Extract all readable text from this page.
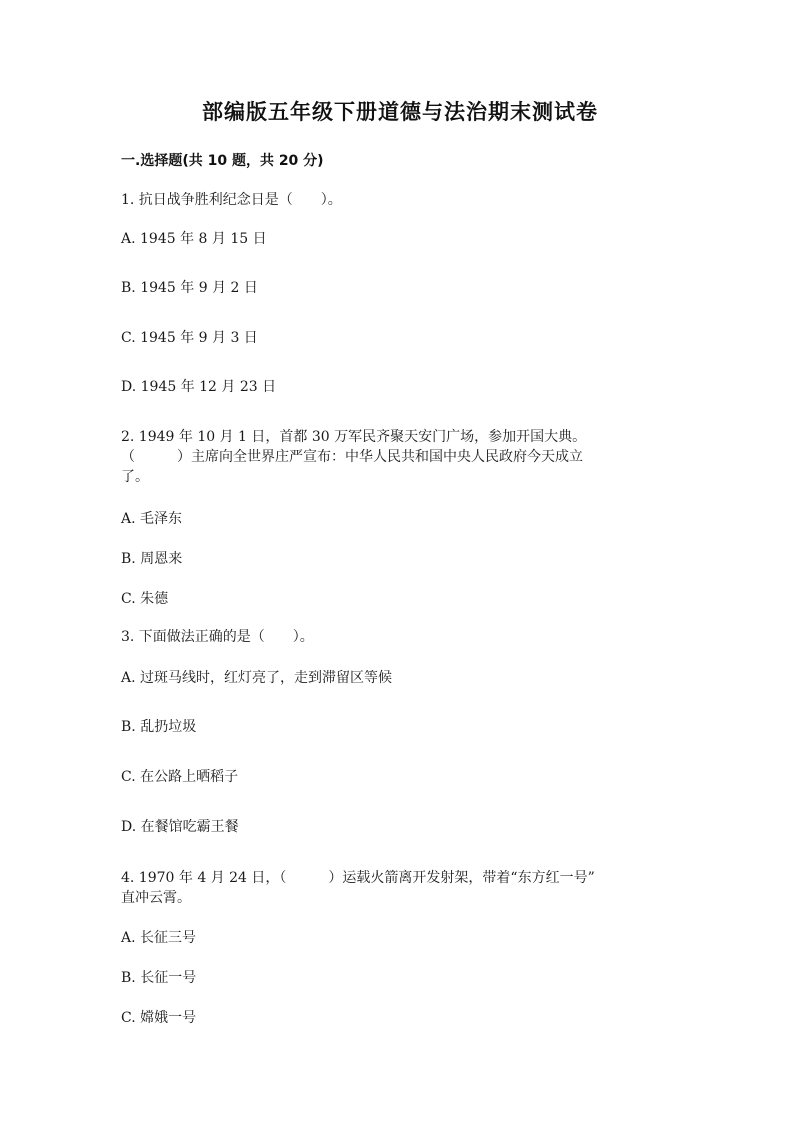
部编版五年级下册道德与法治期末测试卷
一.选择题(共 10 题，共 20 分)
1. 抗日战争胜利纪念日是（　　）。
A. 1945 年 8 月 15 日
B. 1945 年 9 月 2 日
C. 1945 年 9 月 3 日
D. 1945 年 12 月 23 日
2. 1949 年 10 月 1 日，首都 30 万军民齐聚天安门广场，参加开国大典。
（　　　）主席向全世界庄严宣布：中华人民共和国中央人民政府今天成立
了。
A. 毛泽东
B. 周恩来
C. 朱德
3. 下面做法正确的是（　　）。
A. 过斑马线时，红灯亮了，走到滞留区等候
B. 乱扔垃圾
C. 在公路上晒稻子
D. 在餐馆吃霸王餐
4. 1970 年 4 月 24 日，（　　　）运载火箭离开发射架，带着“东方红一号”
直冲云霄。
A. 长征三号
B. 长征一号
C. 嫦娥一号
